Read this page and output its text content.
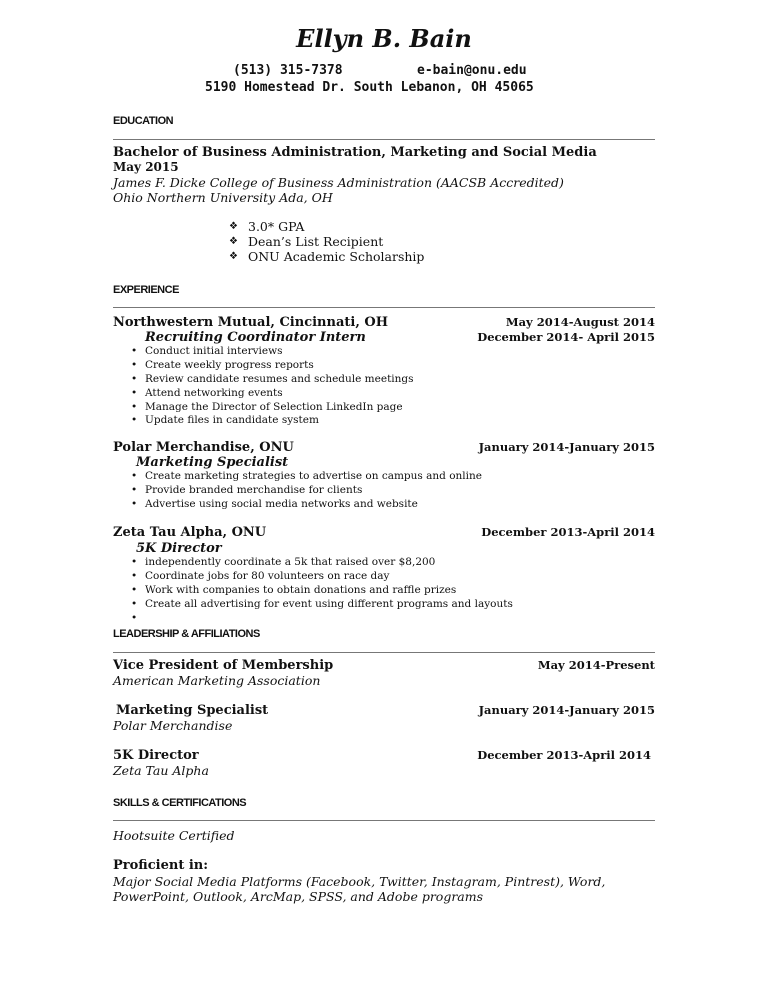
Ellyn B. Bain
(513) 315-7378	e-bain@onu.edu
5190 Homestead Dr. South Lebanon, OH 45065
EDUCATION
Bachelor of Business Administration, Marketing and Social Media
May 2015
James F. Dicke College of Business Administration (AACSB Accredited)
Ohio Northern University Ada, OH
❖ 3.0* GPA
❖ Dean’s List Recipient
❖ ONU Academic Scholarship
EXPERIENCE
Northwestern Mutual, Cincinnati, OH	May 2014-August 2014
Recruiting Coordinator Intern	December 2014- April 2015
• Conduct initial interviews
• Create weekly progress reports
• Review candidate resumes and schedule meetings
• Attend networking events
• Manage the Director of Selection LinkedIn page
• Update files in candidate system
Polar Merchandise, ONU	January 2014-January 2015
Marketing Specialist
• Create marketing strategies to advertise on campus and online
• Provide branded merchandise for clients
• Advertise using social media networks and website
Zeta Tau Alpha, ONU	December 2013-April 2014
5K Director
• independently coordinate a 5k that raised over $8,200
• Coordinate jobs for 80 volunteers on race day
• Work with companies to obtain donations and raffle prizes
• Create all advertising for event using different programs and layouts
LEADERSHIP & AFFILIATIONS
Vice President of Membership	May 2014-Present
American Marketing Association
Marketing Specialist	January 2014-January 2015
Polar Merchandise
5K Director	December 2013-April 2014
Zeta Tau Alpha
SKILLS & CERTIFICATIONS
Hootsuite Certified
Proficient in:
Major Social Media Platforms (Facebook, Twitter, Instagram, Pintrest), Word,
PowerPoint, Outlook, ArcMap, SPSS, and Adobe programs
